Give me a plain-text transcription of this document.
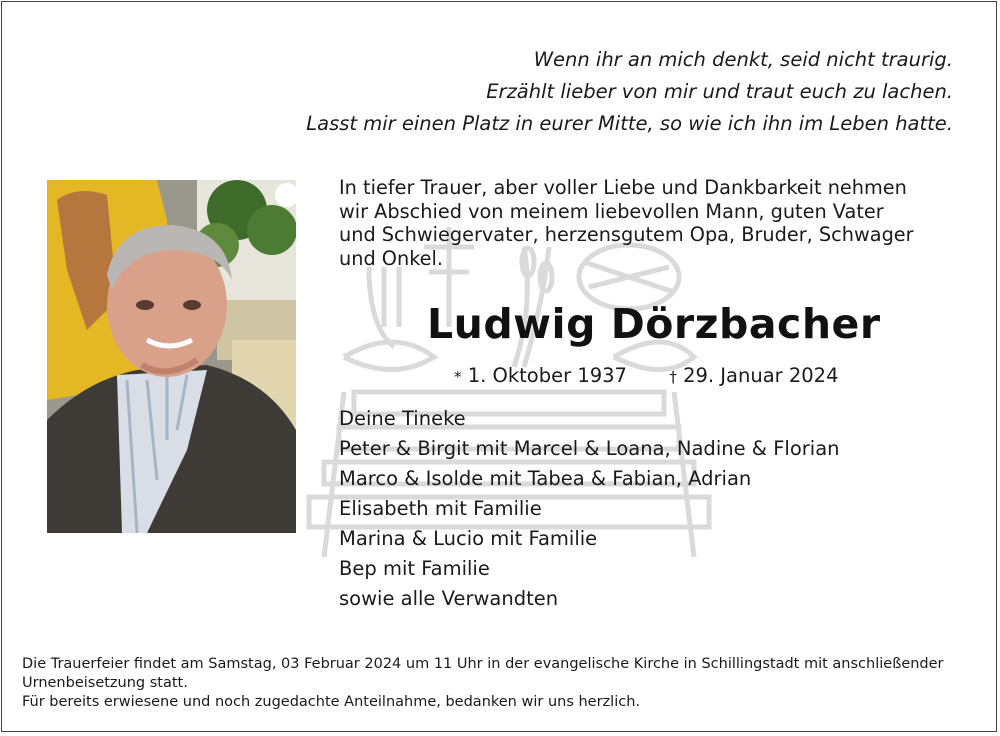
Wenn ihr an mich denkt, seid nicht traurig.
Erzählt lieber von mir und traut euch zu lachen.
Lasst mir einen Platz in eurer Mitte, so wie ich ihn im Leben hatte.
In tiefer Trauer, aber voller Liebe und Dankbarkeit nehmen
wir Abschied von meinem liebevollen Mann, guten Vater
und Schwiegervater, herzensgutem Opa, Bruder, Schwager
und Onkel.
Ludwig Dörzbacher
* 1. Oktober 1937	† 29. Januar 2024
Deine Tineke
Peter & Birgit mit Marcel & Loana, Nadine & Florian
Marco & Isolde mit Tabea & Fabian, Adrian
Elisabeth mit Familie
Marina & Lucio mit Familie
Bep mit Familie
sowie alle Verwandten
Die Trauerfeier findet am Samstag, 03 Februar 2024 um 11 Uhr in der evangelische Kirche in Schillingstadt mit anschließender
Urnenbeisetzung statt.
Für bereits erwiesene und noch zugedachte Anteilnahme, bedanken wir uns herzlich.
